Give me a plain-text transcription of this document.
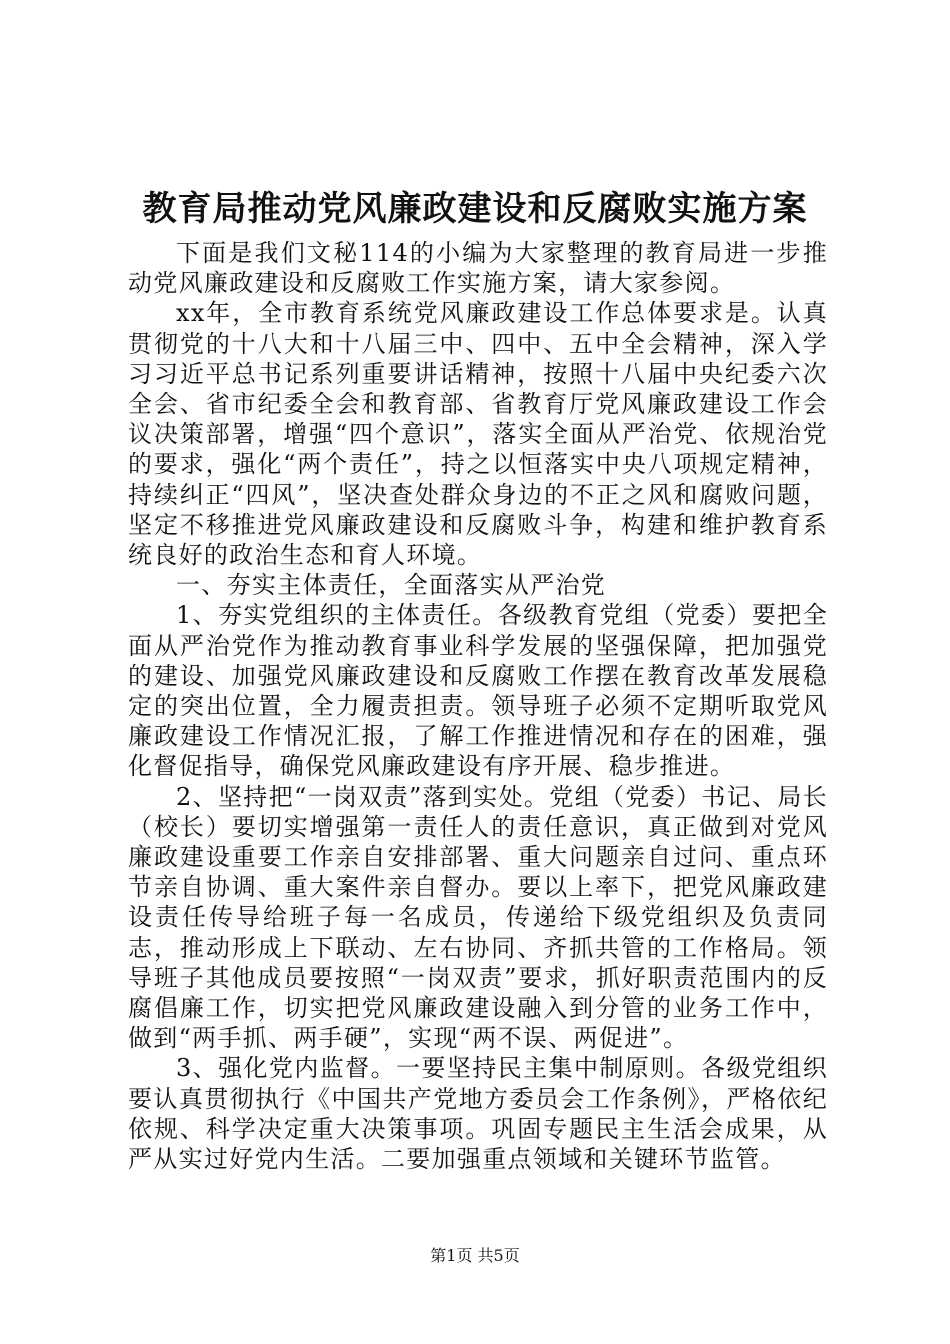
教育局推动党风廉政建设和反腐败实施方案

下面是我们文秘114的小编为大家整理的教育局进一步推动党风廉政建设和反腐败工作实施方案，请大家参阅。

xx年，全市教育系统党风廉政建设工作总体要求是。认真贯彻党的十八大和十八届三中、四中、五中全会精神，深入学习习近平总书记系列重要讲话精神，按照十八届中央纪委六次全会、省市纪委全会和教育部、省教育厅党风廉政建设工作会议决策部署，增强“四个意识”，落实全面从严治党、依规治党的要求，强化“两个责任”，持之以恒落实中央八项规定精神，持续纠正“四风”，坚决查处群众身边的不正之风和腐败问题，坚定不移推进党风廉政建设和反腐败斗争，构建和维护教育系统良好的政治生态和育人环境。

一、夯实主体责任，全面落实从严治党

1、夯实党组织的主体责任。各级教育党组（党委）要把全面从严治党作为推动教育事业科学发展的坚强保障，把加强党的建设、加强党风廉政建设和反腐败工作摆在教育改革发展稳定的突出位置，全力履责担责。领导班子必须不定期听取党风廉政建设工作情况汇报，了解工作推进情况和存在的困难，强化督促指导，确保党风廉政建设有序开展、稳步推进。

2、坚持把“一岗双责”落到实处。党组（党委）书记、局长（校长）要切实增强第一责任人的责任意识，真正做到对党风廉政建设重要工作亲自安排部署、重大问题亲自过问、重点环节亲自协调、重大案件亲自督办。要以上率下，把党风廉政建设责任传导给班子每一名成员，传递给下级党组织及负责同志，推动形成上下联动、左右协同、齐抓共管的工作格局。领导班子其他成员要按照“一岗双责”要求，抓好职责范围内的反腐倡廉工作，切实把党风廉政建设融入到分管的业务工作中，做到“两手抓、两手硬”，实现“两不误、两促进”。

3、强化党内监督。一要坚持民主集中制原则。各级党组织要认真贯彻执行《中国共产党地方委员会工作条例》，严格依纪依规、科学决定重大决策事项。巩固专题民主生活会成果，从严从实过好党内生活。二要加强重点领域和关键环节监管。

第1页 共5页
